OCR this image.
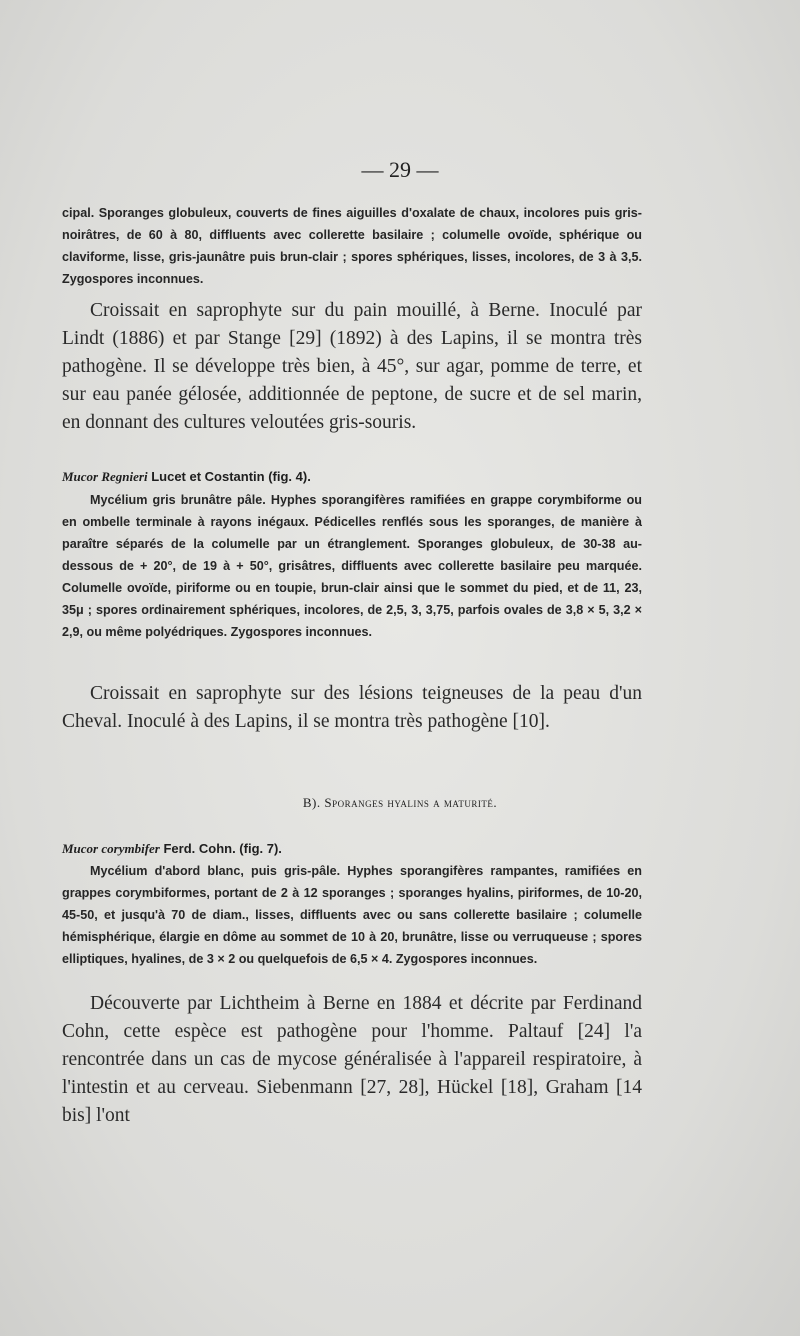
— 29 —
cipal. Sporanges globuleux, couverts de fines aiguilles d'oxalate de chaux, incolores puis gris-noirâtres, de 60 à 80, diffluents avec collerette basilaire ; columelle ovoïde, sphérique ou claviforme, lisse, gris-jaunâtre puis brun-clair ; spores sphériques, lisses, incolores, de 3 à 3,5. Zygospores inconnues.
Croissait en saprophyte sur du pain mouillé, à Berne. Inoculé par Lindt (1886) et par Stange [29] (1892) à des Lapins, il se montra très pathogène. Il se développe très bien, à 45°, sur agar, pomme de terre, et sur eau panée gélosée, additionnée de peptone, de sucre et de sel marin, en donnant des cultures veloutées gris-souris.
Mucor Regnieri Lucet et Costantin (fig. 4).
Mycélium gris brunâtre pâle. Hyphes sporangifères ramifiées en grappe corymbiforme ou en ombelle terminale à rayons inégaux. Pédicelles renflés sous les sporanges, de manière à paraître séparés de la columelle par un étranglement. Sporanges globuleux, de 30-38 au-dessous de + 20°, de 19 à + 50°, grisâtres, diffluents avec collerette basilaire peu marquée. Columelle ovoïde, piriforme ou en toupie, brun-clair ainsi que le sommet du pied, et de 11, 23, 35μ ; spores ordinairement sphériques, incolores, de 2,5, 3, 3,75, parfois ovales de 3,8 × 5, 3,2 × 2,9, ou même polyédriques. Zygospores inconnues.
Croissait en saprophyte sur des lésions teigneuses de la peau d'un Cheval. Inoculé à des Lapins, il se montra très pathogène [10].
B). Sporanges hyalins a maturité.
Mucor corymbifer Ferd. Cohn. (fig. 7).
Mycélium d'abord blanc, puis gris-pâle. Hyphes sporangifères rampantes, ramifiées en grappes corymbiformes, portant de 2 à 12 sporanges ; sporanges hyalins, piriformes, de 10-20, 45-50, et jusqu'à 70 de diam., lisses, diffluents avec ou sans collerette basilaire ; columelle hémisphérique, élargie en dôme au sommet de 10 à 20, brunâtre, lisse ou verruqueuse ; spores elliptiques, hyalines, de 3 × 2 ou quelquefois de 6,5 × 4. Zygospores inconnues.
Découverte par Lichtheim à Berne en 1884 et décrite par Ferdinand Cohn, cette espèce est pathogène pour l'homme. Paltauf [24] l'a rencontrée dans un cas de mycose généralisée à l'appareil respiratoire, à l'intestin et au cerveau. Siebenmann [27, 28], Hückel [18], Graham [14 bis] l'ont
